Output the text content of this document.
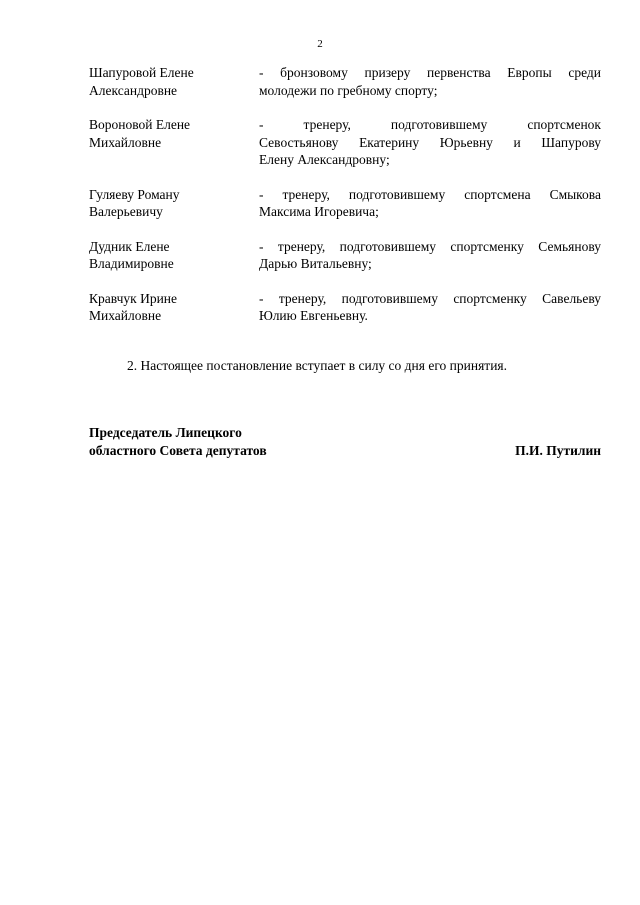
2
Шапуровой Елене
Александровне
- бронзовому призеру первенства Европы среди
молодежи по гребному спорту;
Вороновой Елене
Михайловне
- тренеру, подготовившему спортсменок
Севостьянову Екатерину Юрьевну и Шапурову
Елену Александровну;
Гуляеву Роману
Валерьевичу
- тренеру, подготовившему спортсмена Смыкова
Максима Игоревича;
Дудник Елене
Владимировне
- тренеру, подготовившему спортсменку Семьянову
Дарью Витальевну;
Кравчук Ирине
Михайловне
- тренеру, подготовившему спортсменку Савельеву
Юлию Евгеньевну.
2. Настоящее постановление вступает в силу со дня его принятия.
Председатель Липецкого
областного Совета депутатов	П.И. Путилин
